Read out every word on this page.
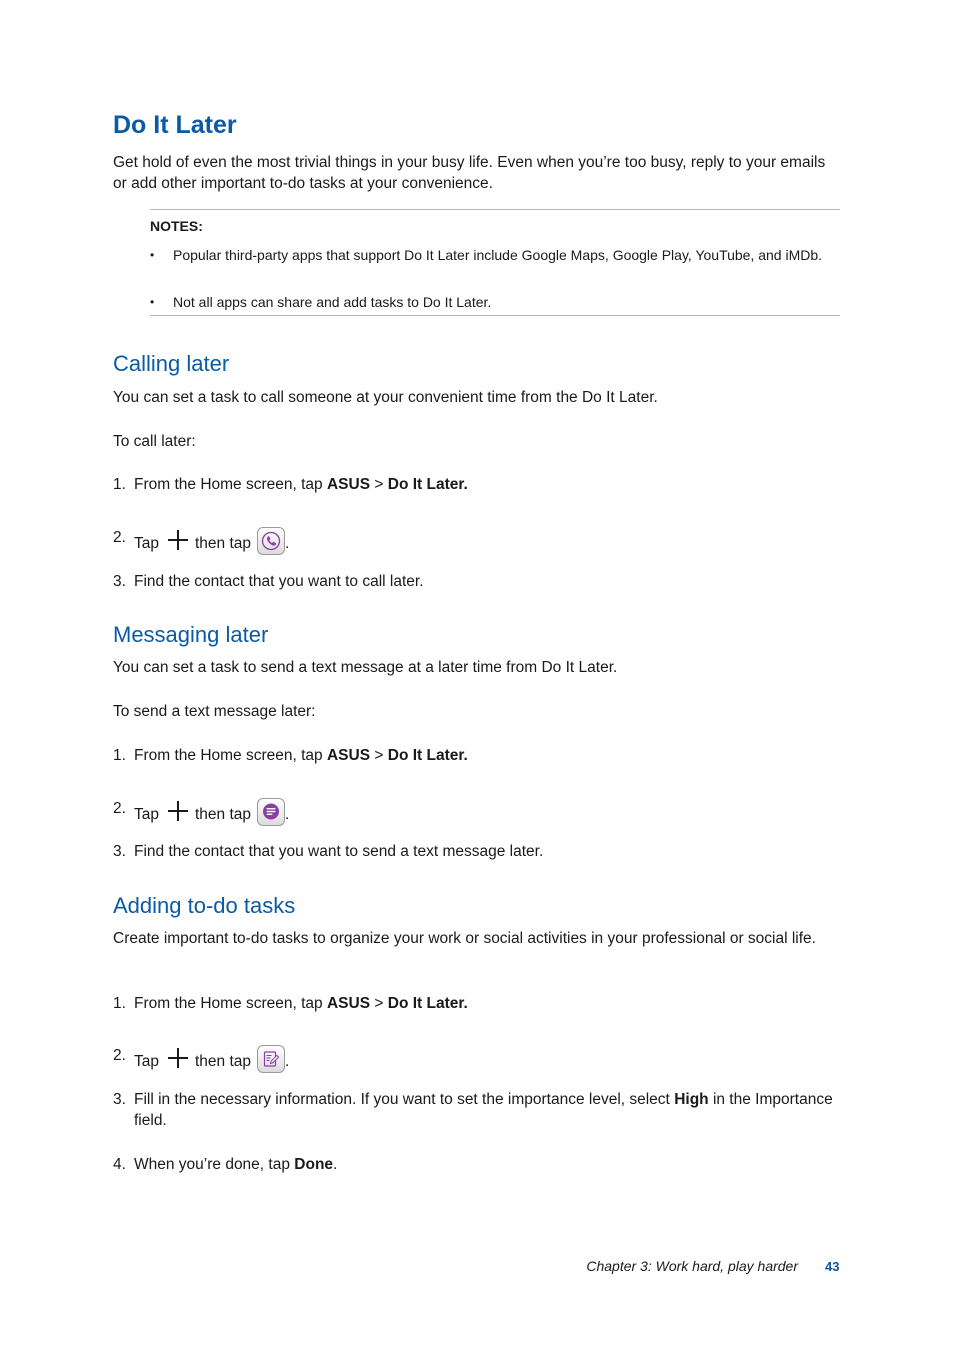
Do It Later

Get hold of even the most trivial things in your busy life. Even when you’re too busy, reply to your emails or add other important to-do tasks at your convenience.

NOTES:
• Popular third-party apps that support Do It Later include Google Maps, Google Play, YouTube, and iMDb.
• Not all apps can share and add tasks to Do It Later.
Calling later

You can set a task to call someone at your convenient time from the Do It Later.

To call later:

1. From the Home screen, tap ASUS > Do It Later.
2. Tap then tap .
3. Find the contact that you want to call later.
Messaging later

You can set a task to send a text message at a later time from Do It Later.

To send a text message later:

1. From the Home screen, tap ASUS > Do It Later.
2. Tap then tap .
3. Find the contact that you want to send a text message later.
Adding to-do tasks

Create important to-do tasks to organize your work or social activities in your professional or social life.

1. From the Home screen, tap ASUS > Do It Later.
2. Tap then tap .
3. Fill in the necessary information. If you want to set the importance level, select High in the Importance field.
4. When you’re done, tap Done.
Chapter 3: Work hard, play harder 43
